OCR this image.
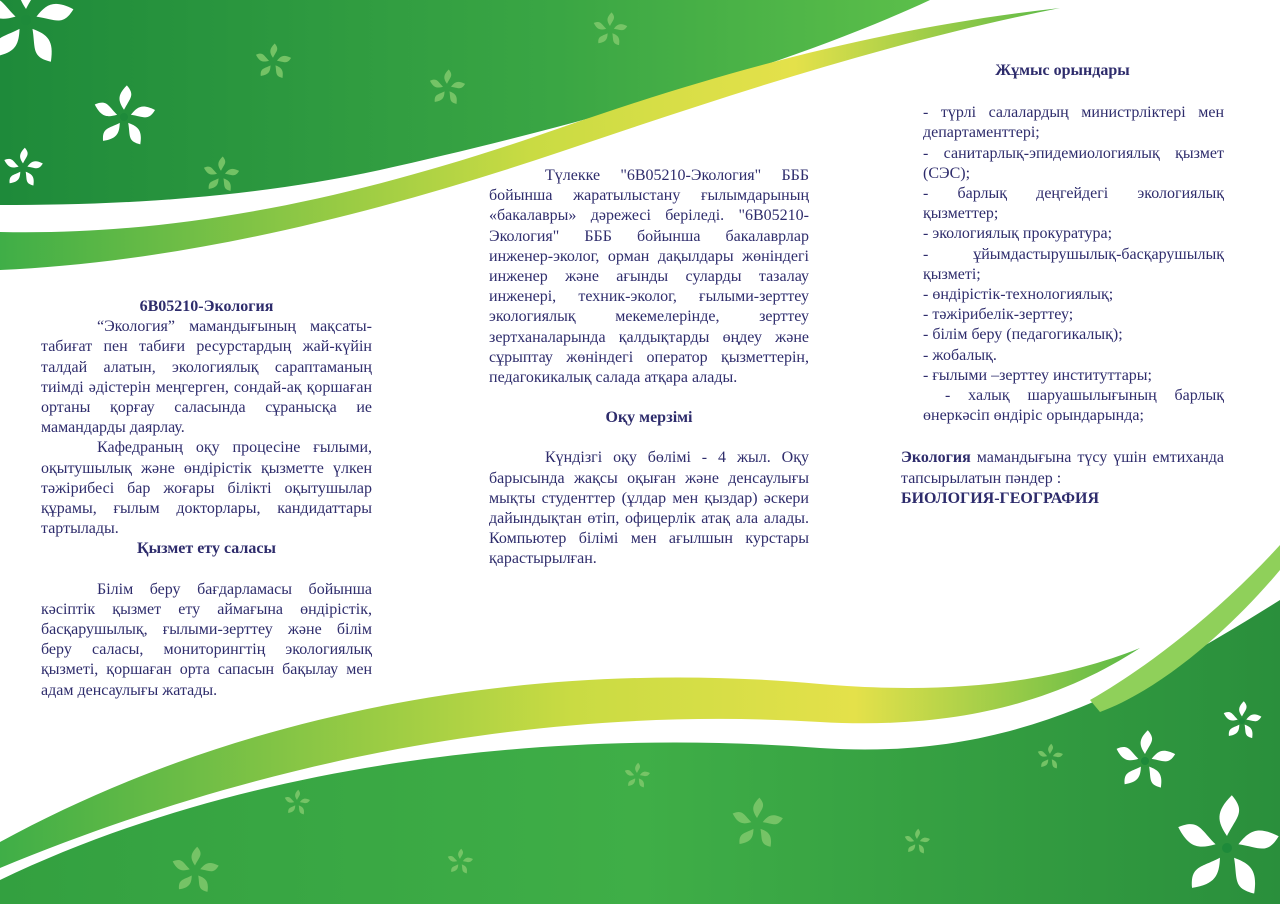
6B05210-Экология

“Экология” мамандығының мақсаты- табиғат пен табиғи ресурстардың жай-күйін талдай алатын, экологиялық сараптаманың тиімді әдістерін меңгерген, сондай-ақ қоршаған ортаны қорғау саласында сұранысқа ие мамандарды даярлау.

Кафедраның оқу процесіне ғылыми, оқытушылық және өндірістік қызметте үлкен тәжірибесі бар жоғары білікті оқытушылар құрамы, ғылым докторлары, кандидаттары тартылады.

Қызмет ету саласы

Білім беру бағдарламасы бойынша кәсіптік қызмет ету аймағына өндірістік, басқарушылық, ғылыми-зерттеу және білім беру саласы, мониторингтің экологиялық қызметі, қоршаған орта сапасын бақылау мен адам денсаулығы жатады.

Түлекке "6B05210-Экология" БББ бойынша жаратылыстану ғылымдарының «бакалавры» дәрежесі беріледі. "6B05210-Экология" БББ бойынша бакалаврлар инженер-эколог, орман дақылдары жөніндегі инженер және ағынды суларды тазалау инженері, техник-эколог, ғылыми-зерттеу экологиялық мекемелерінде, зерттеу зертханаларында қалдықтарды өңдеу және сұрыптау жөніндегі оператор қызметтерін, педагокикалық салада атқара алады.

Оқу мерзімі

Күндізгі оқу бөлімі - 4 жыл. Оқу барысында жақсы оқыған және денсаулығы мықты студенттер (ұлдар мен қыздар) әскери дайындықтан өтіп, офицерлік атақ ала алады. Компьютер білімі мен ағылшын курстары қарастырылған.

Жұмыс орындары

- түрлі салалардың министрліктері мен департаменттері;

- санитарлық-эпидемиологиялық қызмет (СЭС);

- барлық деңгейдегі экологиялық қызметтер;

- экологиялық прокуратура;

- ұйымдастырушылық-басқарушылық қызметі;

- өндірістік-технологиялық;

- тәжірибелік-зерттеу;

- білім беру (педагогикалық);

- жобалық.

- ғылыми –зерттеу институттары;

- халық шаруашылығының барлық өнеркәсіп өндіріс орындарында;

Экология мамандығына түсу үшін емтиханда тапсырылатын пәндер :

БИОЛОГИЯ-ГЕОГРАФИЯ
